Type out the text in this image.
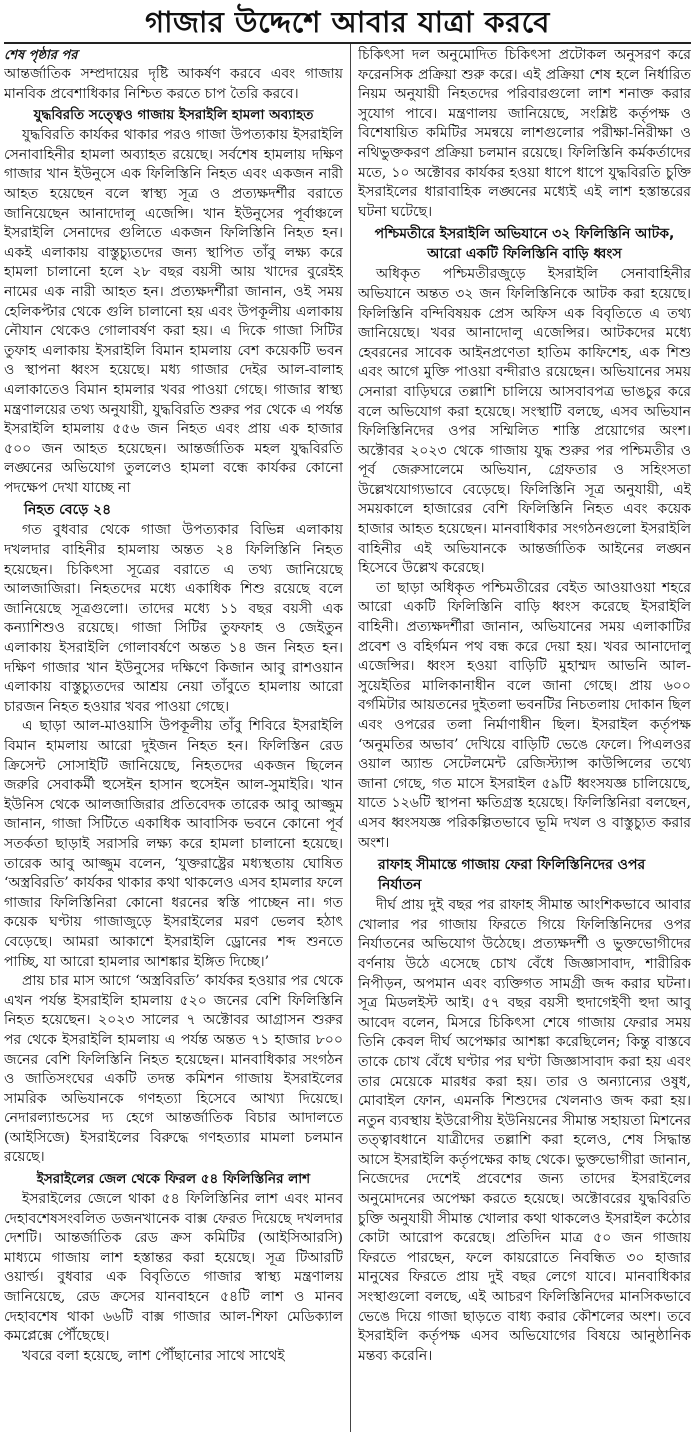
গাজার উদ্দেশে আবার যাত্রা করবে

শেষ পৃষ্ঠার পর

আন্তর্জাতিক সম্প্রদায়ের দৃষ্টি আকর্ষণ করবে এবং গাজায় মানবিক প্রবেশাধিকার নিশ্চিত করতে চাপ তৈরি করবে।

যুদ্ধবিরতি সত্ত্বেও গাজায় ইসরাইলি হামলা অব্যাহত

যুদ্ধবিরতি কার্যকর থাকার পরও গাজা উপত্যকায় ইসরাইলি সেনাবাহিনীর হামলা অব্যাহত রয়েছে। সর্বশেষ হামলায় দক্ষিণ গাজার খান ইউনুসে এক ফিলিস্তিনি নিহত এবং একজন নারী আহত হয়েছেন বলে স্বাস্থ্য সূত্র ও প্রত্যক্ষদর্শীর বরাতে জানিয়েছেন আনাদোলু এজেন্সি। খান ইউনুসের পূর্বাঞ্চলে ইসরাইলি সেনাদের গুলিতে একজন ফিলিস্তিনি নিহত হন। একই এলাকায় বাস্তুচ্যুতদের জন্য স্থাপিত তাঁবু লক্ষ্য করে হামলা চালানো হলে ২৮ বছর বয়সী আয় খাদের বুরেইহ নামের এক নারী আহত হন। প্রত্যক্ষদর্শীরা জানান, ওই সময় হেলিকপ্টার থেকে গুলি চালানো হয় এবং উপকূলীয় এলাকায় নৌযান থেকেও গোলাবর্ষণ করা হয়। এ দিকে গাজা সিটির তুফাহ এলাকায় ইসরাইলি বিমান হামলায় বেশ কয়েকটি ভবন ও স্থাপনা ধ্বংস হয়েছে। মধ্য গাজার দেইর আল-বালাহ এলাকাতেও বিমান হামলার খবর পাওয়া গেছে। গাজার স্বাস্থ্য মন্ত্রণালয়ের তথ্য অনুযায়ী, যুদ্ধবিরতি শুরুর পর থেকে এ পর্যন্ত ইসরাইলি হামলায় ৫৫৬ জন নিহত এবং প্রায় এক হাজার ৫০০ জন আহত হয়েছেন। আন্তর্জাতিক মহল যুদ্ধবিরতি লঙ্ঘনের অভিযোগ তুললেও হামলা বন্ধে কার্যকর কোনো পদক্ষেপ দেখা যাচ্ছে না

নিহত বেড়ে ২৪

গত বুধবার থেকে গাজা উপত্যকার বিভিন্ন এলাকায় দখলদার বাহিনীর হামলায় অন্তত ২৪ ফিলিস্তিনি নিহত হয়েছেন। চিকিৎসা সূত্রের বরাতে এ তথ্য জানিয়েছে আলজাজিরা। নিহতদের মধ্যে একাধিক শিশু রয়েছে বলে জানিয়েছে সূত্রগুলো। তাদের মধ্যে ১১ বছর বয়সী এক কন্যাশিশুও রয়েছে। গাজা সিটির তুফফাহ ও জেইতুন এলাকায় ইসরাইলি গোলাবর্ষণে অন্তত ১৪ জন নিহত হন। দক্ষিণ গাজার খান ইউনুসের দক্ষিণে কিজান আবু রাশওয়ান এলাকায় বাস্তুচ্যুতদের আশ্রয় নেয়া তাঁবুতে হামলায় আরো চারজন নিহত হওয়ার খবর পাওয়া গেছে।

এ ছাড়া আল-মাওয়াসি উপকূলীয় তাঁবু শিবিরে ইসরাইলি বিমান হামলায় আরো দুইজন নিহত হন। ফিলিস্তিন রেড ক্রিসেন্ট সোসাইটি জানিয়েছে, নিহতদের একজন ছিলেন জরুরি সেবাকর্মী হুসেইন হাসান হুসেইন আল-সুমাইরি। খান ইউনিস থেকে আলজাজিরার প্রতিবেদক তারেক আবু আজ্জুম জানান, গাজা সিটিতে একাধিক আবাসিক ভবনে কোনো পূর্ব সতর্কতা ছাড়াই সরাসরি লক্ষ্য করে হামলা চালানো হয়েছে। তারেক আবু আজ্জুম বলেন, ‘যুক্তরাষ্ট্রের মধ্যস্থতায় ঘোষিত ‘অস্ত্রবিরতি’ কার্যকর থাকার কথা থাকলেও এসব হামলার ফলে গাজার ফিলিস্তিনিরা কোনো ধরনের স্বস্তি পাচ্ছেন না। গত কয়েক ঘণ্টায় গাজাজুড়ে ইসরাইলের মরণ ভেলব হঠাৎ বেড়েছে। আমরা আকাশে ইসরাইলি ড্রোনের শব্দ শুনতে পাচ্ছি, যা আরো হামলার আশঙ্কার ইঙ্গিত দিচ্ছে।’

প্রায় চার মাস আগে ‘অস্ত্রবিরতি’ কার্যকর হওয়ার পর থেকে এখন পর্যন্ত ইসরাইলি হামলায় ৫২০ জনের বেশি ফিলিস্তিনি নিহত হয়েছেন। ২০২৩ সালের ৭ অক্টোবর আগ্রাসন শুরুর পর থেকে ইসরাইলি হামলায় এ পর্যন্ত অন্তত ৭১ হাজার ৮০০ জনের বেশি ফিলিস্তিনি নিহত হয়েছেন। মানবাধিকার সংগঠন ও জাতিসংঘের একটি তদন্ত কমিশন গাজায় ইসরাইলের সামরিক অভিযানকে গণহত্যা হিসেবে আখ্যা দিয়েছে। নেদারল্যান্ডসের দ্য হেগে আন্তর্জাতিক বিচার আদালতে (আইসিজে) ইসরাইলের বিরুদ্ধে গণহত্যার মামলা চলমান রয়েছে।

ইসরাইলের জেল থেকে ফিরল ৫৪ ফিলিস্তিনির লাশ

ইসরাইলের জেলে থাকা ৫৪ ফিলিস্তিনির লাশ এবং মানব দেহাবশেষসংবলিত ডজনখানেক বাক্স ফেরত দিয়েছে দখলদার দেশটি। আন্তর্জাতিক রেড ক্রস কমিটির (আইসিআরসি) মাধ্যমে গাজায় লাশ হস্তান্তর করা হয়েছে। সূত্র টিআরটি ওয়ার্ল্ড। বুধবার এক বিবৃতিতে গাজার স্বাস্থ্য মন্ত্রণালয় জানিয়েছে, রেড ক্রসের যানবাহনে ৫৪টি লাশ ও মানব দেহাবশেষ থাকা ৬৬টি বাক্স গাজার আল-শিফা মেডিক্যাল কমপ্লেক্সে পৌঁছেছে।

খবরে বলা হয়েছে, লাশ পৌঁছানোর সাথে সাথেই

চিকিৎসা দল অনুমোদিত চিকিৎসা প্রটোকল অনুসরণ করে ফরেনসিক প্রক্রিয়া শুরু করে। এই প্রক্রিয়া শেষ হলে নির্ধারিত নিয়ম অনুযায়ী নিহতদের পরিবারগুলো লাশ শনাক্ত করার সুযোগ পাবে। মন্ত্রণালয় জানিয়েছে, সংশ্লিষ্ট কর্তৃপক্ষ ও বিশেষায়িত কমিটির সমন্বয়ে লাশগুলোর পরীক্ষা-নিরীক্ষা ও নথিভুক্তকরণ প্রক্রিয়া চলমান রয়েছে। ফিলিস্তিনি কর্মকর্তাদের মতে, ১০ অক্টোবর কার্যকর হওয়া ধাপে ধাপে যুদ্ধবিরতি চুক্তি ইসরাইলের ধারাবাহিক লঙ্ঘনের মধ্যেই এই লাশ হস্তান্তরের ঘটনা ঘটেছে।

পশ্চিমতীরে ইসরাইলি অভিযানে ৩২ ফিলিস্তিনি আটক, আরো একটি ফিলিস্তিনি বাড়ি ধ্বংস

অধিকৃত পশ্চিমতীরজুড়ে ইসরাইলি সেনাবাহিনীর অভিযানে অন্তত ৩২ জন ফিলিস্তিনিকে আটক করা হয়েছে। ফিলিস্তিনি বন্দিবিষয়ক প্রেস অফিস এক বিবৃতিতে এ তথ্য জানিয়েছে। খবর আনাদোলু এজেন্সির। আটকদের মধ্যে হেবরনের সাবেক আইনপ্রণেতা হাতিম কাফিশেহ, এক শিশু এবং আগে মুক্তি পাওয়া বন্দীরাও রয়েছেন। অভিযানের সময় সেনারা বাড়িঘরে তল্লাশি চালিয়ে আসবাবপত্র ভাঙচুর করে বলে অভিযোগ করা হয়েছে। সংস্থাটি বলছে, এসব অভিযান ফিলিস্তিনিদের ওপর সম্মিলিত শাস্তি প্রয়োগের অংশ। অক্টোবর ২০২৩ থেকে গাজায় যুদ্ধ শুরুর পর পশ্চিমতীর ও পূর্ব জেরুসালেমে অভিযান, গ্রেফতার ও সহিংসতা উল্লেখযোগ্যভাবে বেড়েছে। ফিলিস্তিনি সূত্র অনুযায়ী, এই সময়কালে হাজারের বেশি ফিলিস্তিনি নিহত এবং কয়েক হাজার আহত হয়েছেন। মানবাধিকার সংগঠনগুলো ইসরাইলি বাহিনীর এই অভিযানকে আন্তর্জাতিক আইনের লঙ্ঘন হিসেবে উল্লেখ করেছে।

তা ছাড়া অধিকৃত পশ্চিমতীরের বেইত আওয়াওয়া শহরে আরো একটি ফিলিস্তিনি বাড়ি ধ্বংস করেছে ইসরাইলি বাহিনী। প্রত্যক্ষদর্শীরা জানান, অভিযানের সময় এলাকাটির প্রবেশ ও বহির্গমন পথ বন্ধ করে দেয়া হয়। খবর আনাদোলু এজেন্সির। ধ্বংস হওয়া বাড়িটি মুহাম্মদ আভনি আল-সুয়েইতির মালিকানাধীন বলে জানা গেছে। প্রায় ৬০০ বর্গমিটার আয়তনের দুইতলা ভবনটির নিচতলায় দোকান ছিল এবং ওপরের তলা নির্মাণাধীন ছিল। ইসরাইল কর্তৃপক্ষ ‘অনুমতির অভাব’ দেখিয়ে বাড়িটি ভেঙে ফেলে। পিএলওর ওয়াল অ্যান্ড সেটেলমেন্ট রেজিস্ট্যান্স কাউন্সিলের তথ্যে জানা গেছে, গত মাসে ইসরাইল ৫৯টি ধ্বংসযজ্ঞ চালিয়েছে, যাতে ১২৬টি স্থাপনা ক্ষতিগ্রস্ত হয়েছে। ফিলিস্তিনিরা বলছেন, এসব ধ্বংসযজ্ঞ পরিকল্পিতভাবে ভূমি দখল ও বাস্তুচ্যুত করার অংশ।

রাফাহ সীমান্তে গাজায় ফেরা ফিলিস্তিনিদের ওপর নির্যাতন

দীর্ঘ প্রায় দুই বছর পর রাফাহ সীমান্ত আংশিকভাবে আবার খোলার পর গাজায় ফিরতে গিয়ে ফিলিস্তিনিদের ওপর নির্যাতনের অভিযোগ উঠেছে। প্রত্যক্ষদর্শী ও ভুক্তভোগীদের বর্ণনায় উঠে এসেছে চোখ বেঁধে জিজ্ঞাসাবাদ, শারীরিক নিপীড়ন, অপমান এবং ব্যক্তিগত সামগ্রী জব্দ করার ঘটনা। সূত্র মিডলইস্ট আই। ৫৭ বছর বয়সী হুদাগেইণী হুদা আবু আবেদ বলেন, মিসরে চিকিৎসা শেষে গাজায় ফেরার সময় তিনি কেবল দীর্ঘ অপেক্ষার আশঙ্কা করেছিলেন; কিন্তু বাস্তবে তাকে চোখ বেঁধে ঘণ্টার পর ঘণ্টা জিজ্ঞাসাবাদ করা হয় এবং তার মেয়েকে মারধর করা হয়। তার ও অন্যান্যের ওষুধ, মোবাইল ফোন, এমনকি শিশুদের খেলনাও জব্দ করা হয়। নতুন ব্যবস্থায় ইউরোপীয় ইউনিয়নের সীমান্ত সহায়তা মিশনের তত্ত্বাবধানে যাত্রীদের তল্লাশি করা হলেও, শেষ সিদ্ধান্ত আসে ইসরাইলি কর্তৃপক্ষের কাছ থেকে। ভুক্তভোগীরা জানান, নিজেদের দেশেই প্রবেশের জন্য তাদের ইসরাইলের অনুমোদনের অপেক্ষা করতে হয়েছে। অক্টোবরের যুদ্ধবিরতি চুক্তি অনুযায়ী সীমান্ত খোলার কথা থাকলেও ইসরাইল কঠোর কোটা আরোপ করেছে। প্রতিদিন মাত্র ৫০ জন গাজায় ফিরতে পারছেন, ফলে কায়রোতে নিবন্ধিত ৩০ হাজার মানুষের ফিরতে প্রায় দুই বছর লেগে যাবে। মানবাধিকার সংস্থাগুলো বলছে, এই আচরণ ফিলিস্তিনিদের মানসিকভাবে ভেঙে দিয়ে গাজা ছাড়তে বাধ্য করার কৌশলের অংশ। তবে ইসরাইলি কর্তৃপক্ষ এসব অভিযোগের বিষয়ে আনুষ্ঠানিক মন্তব্য করেনি।
